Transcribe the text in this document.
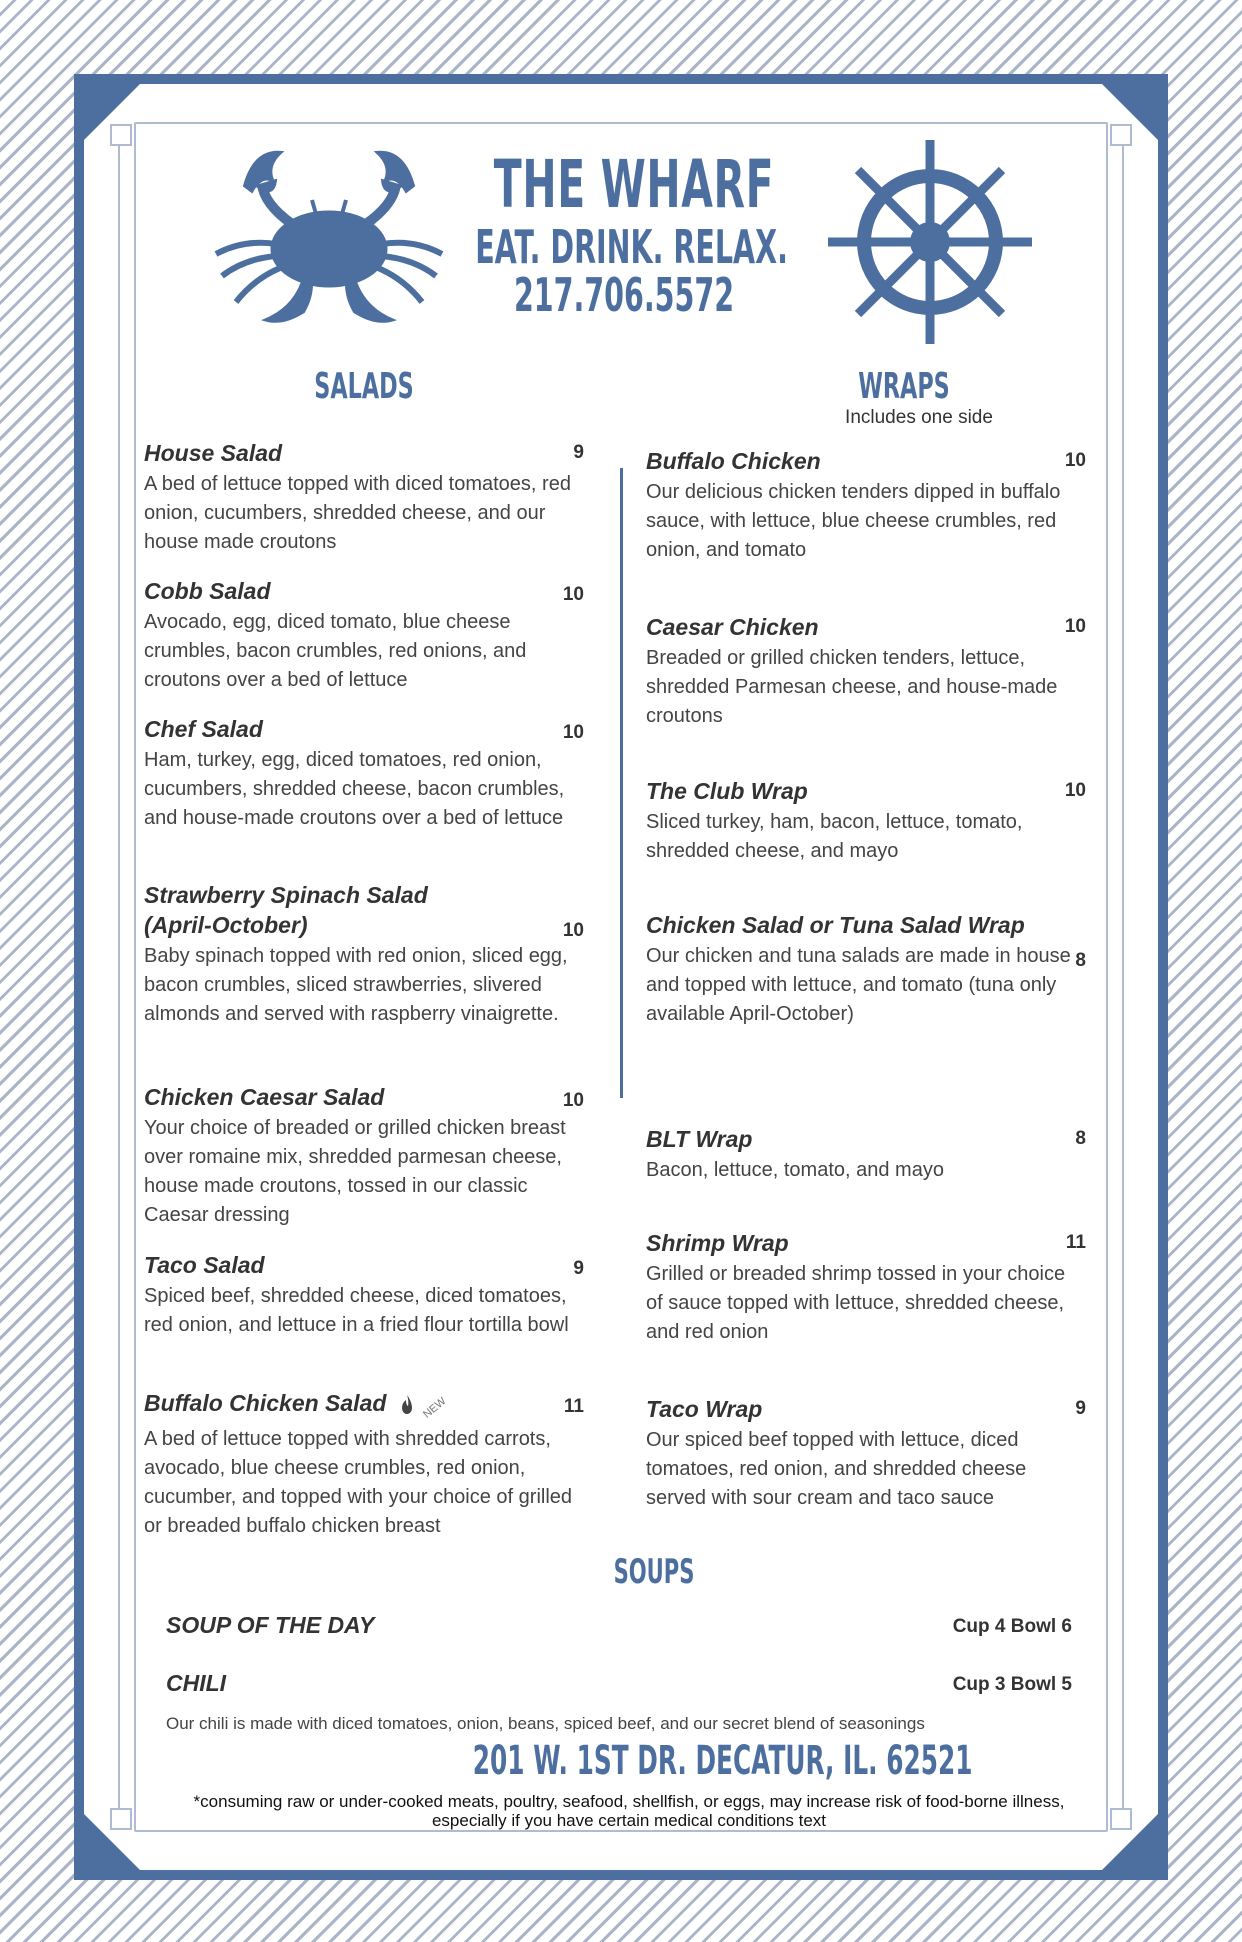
THE WHARF
EAT. DRINK. RELAX.
217.706.5572
SALADS	WRAPS
Includes one side
House Salad	9
A bed of lettuce topped with diced tomatoes, red onion, cucumbers, shredded cheese, and our house made croutons
Cobb Salad	10
Avocado, egg, diced tomato, blue cheese crumbles, bacon crumbles, red onions, and croutons over a bed of lettuce
Chef Salad	10
Ham, turkey, egg, diced tomatoes, red onion, cucumbers, shredded cheese, bacon crumbles, and house-made croutons over a bed of lettuce
Strawberry Spinach Salad (April-October)	10
Baby spinach topped with red onion, sliced egg, bacon crumbles, sliced strawberries, slivered almonds and served with raspberry vinaigrette.
Chicken Caesar Salad	10
Your choice of breaded or grilled chicken breast over romaine mix, shredded parmesan cheese, house made croutons, tossed in our classic Caesar dressing
Taco Salad	9
Spiced beef, shredded cheese, diced tomatoes, red onion, and lettuce in a fried flour tortilla bowl
Buffalo Chicken Salad	NEW	11
A bed of lettuce topped with shredded carrots, avocado, blue cheese crumbles, red onion, cucumber, and topped with your choice of grilled or breaded buffalo chicken breast
Buffalo Chicken	10
Our delicious chicken tenders dipped in buffalo sauce, with lettuce, blue cheese crumbles, red onion, and tomato
Caesar Chicken	10
Breaded or grilled chicken tenders, lettuce, shredded Parmesan cheese, and house-made croutons
The Club Wrap	10
Sliced turkey, ham, bacon, lettuce, tomato, shredded cheese, and mayo
Chicken Salad or Tuna Salad Wrap
8
Our chicken and tuna salads are made in house and topped with lettuce, and tomato (tuna only available April-October)
BLT Wrap	8
Bacon, lettuce, tomato, and mayo
Shrimp Wrap	11
Grilled or breaded shrimp tossed in your choice of sauce topped with lettuce, shredded cheese, and red onion
Taco Wrap	9
Our spiced beef topped with lettuce, diced tomatoes, red onion, and shredded cheese served with sour cream and taco sauce
SOUPS
SOUP OF THE DAY	Cup 4 Bowl 6
CHILI	Cup 3 Bowl 5
Our chili is made with diced tomatoes, onion, beans, spiced beef, and our secret blend of seasonings
201 W. 1ST DR. DECATUR, IL. 62521
*consuming raw or under-cooked meats, poultry, seafood, shellfish, or eggs, may increase risk of food-borne illness, especially if you have certain medical conditions text
